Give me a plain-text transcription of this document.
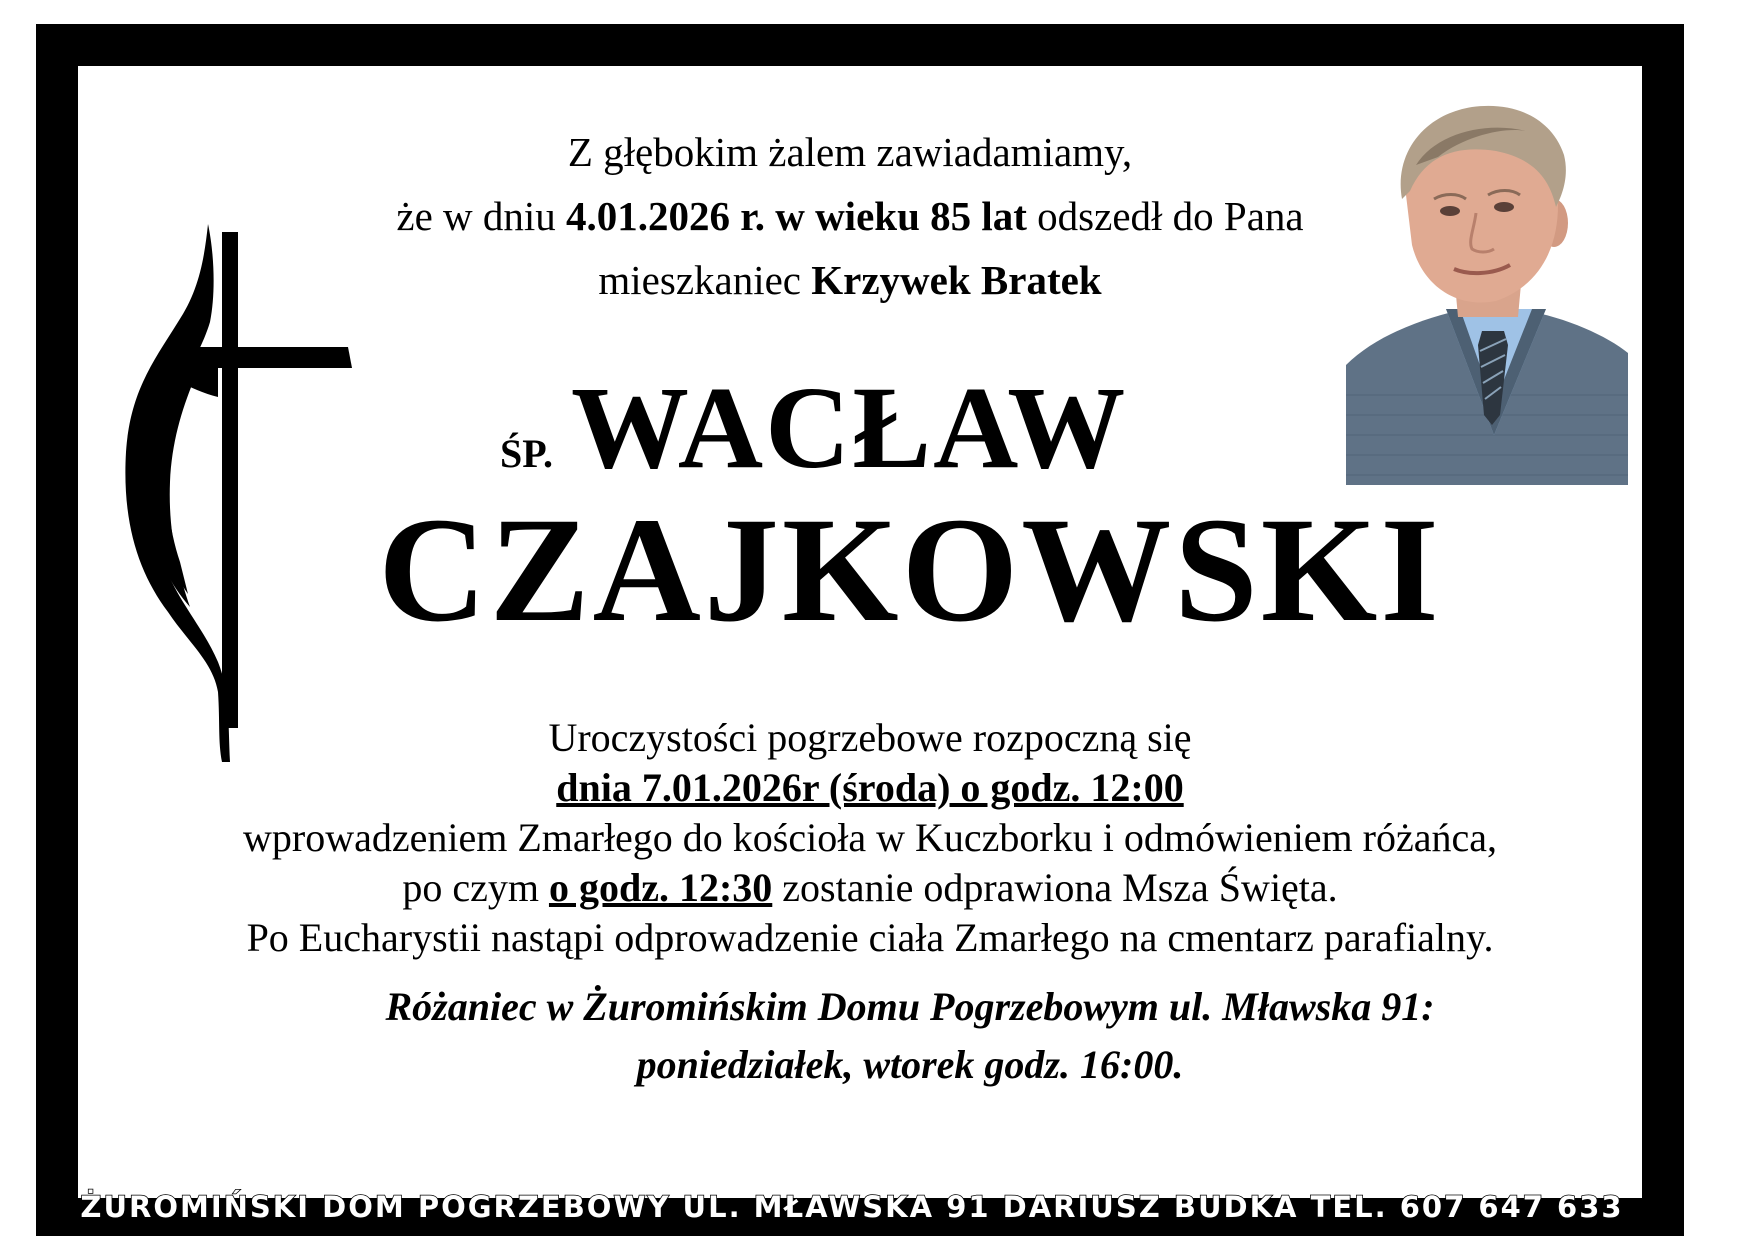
ŻUROMIŃSKI DOM POGRZEBOWY UL. MŁAWSKA 91 DARIUSZ BUDKA TEL. 607 647 633
Z głębokim żalem zawiadamiamy,
że w dniu 4.01.2026 r. w wieku 85 lat odszedł do Pana
mieszkaniec Krzywek Bratek
ŚP. WACŁAW
CZAJKOWSKI
Uroczystości pogrzebowe rozpoczną się
dnia 7.01.2026r (środa) o godz. 12:00
wprowadzeniem Zmarłego do kościoła w Kuczborku i odmówieniem różańca,
po czym o godz. 12:30 zostanie odprawiona Msza Święta.
Po Eucharystii nastąpi odprowadzenie ciała Zmarłego na cmentarz parafialny.
Różaniec w Żuromińskim Domu Pogrzebowym ul. Mławska 91:
poniedziałek, wtorek godz. 16:00.
